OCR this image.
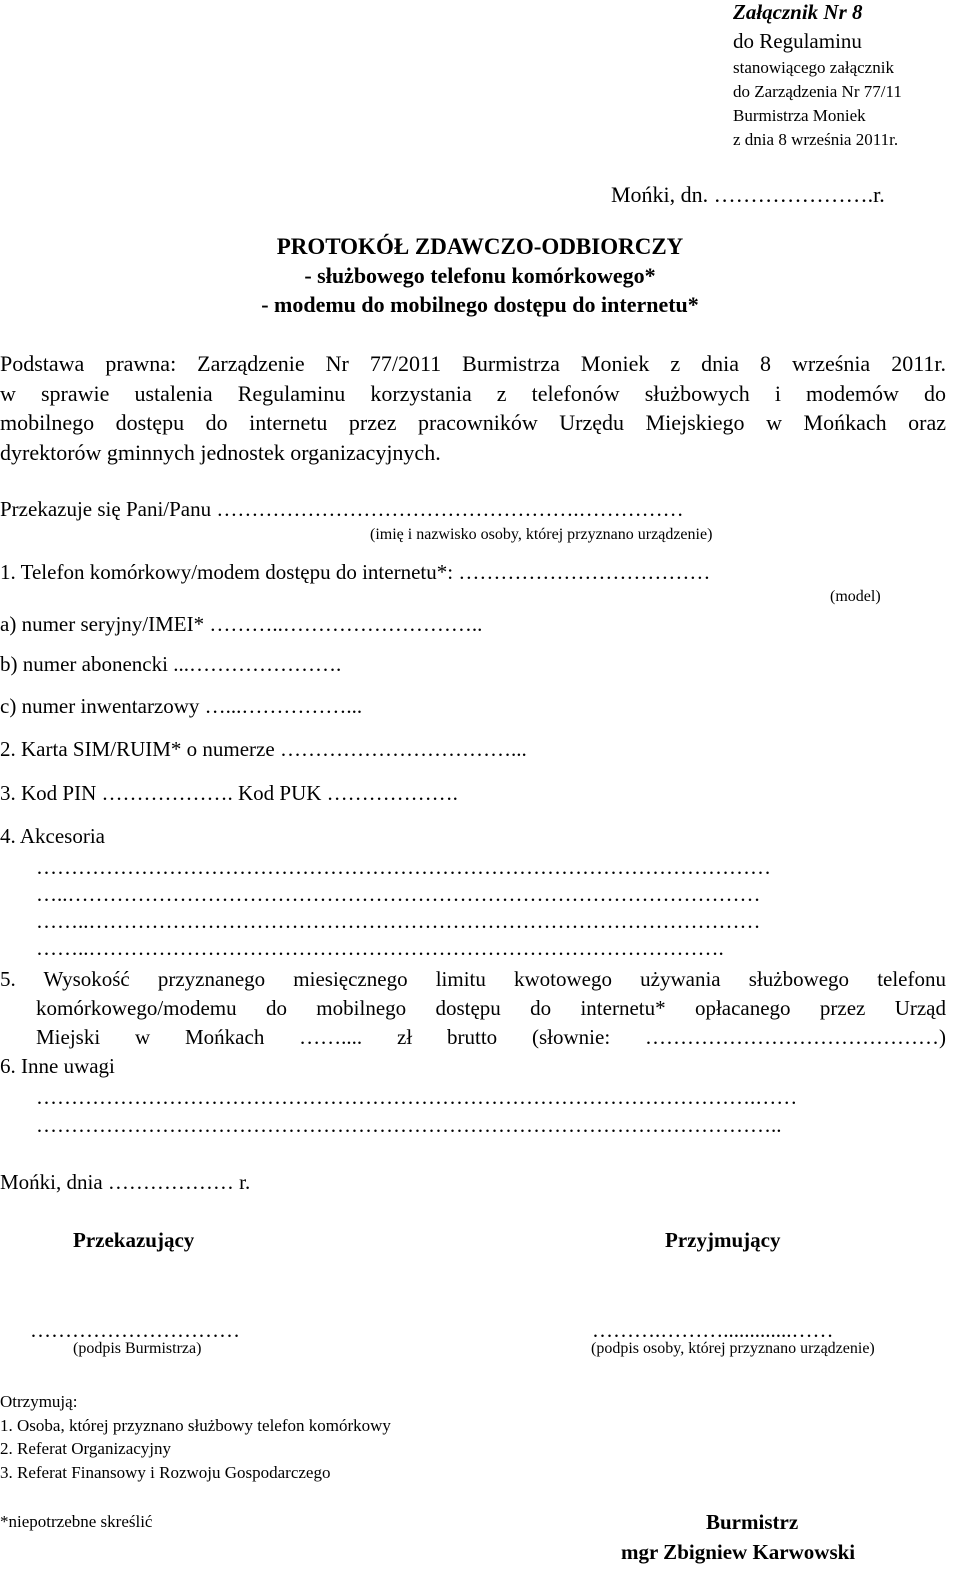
Załącznik Nr 8
do Regulaminu
stanowiącego załącznik
do Zarządzenia Nr 77/11
Burmistrza Moniek
z dnia 8 września 2011r.
Mońki, dn. ………………….r.
PROTOKÓŁ ZDAWCZO-ODBIORCZY
- służbowego telefonu komórkowego*
- modemu do mobilnego dostępu do internetu*
Podstawa prawna: Zarządzenie Nr 77/2011 Burmistrza Moniek z dnia 8 września 2011r.
w sprawie ustalenia Regulaminu korzystania z telefonów służbowych i modemów do
mobilnego dostępu do internetu przez pracowników Urzędu Miejskiego w Mońkach oraz
dyrektorów gminnych jednostek organizacyjnych.
Przekazuje się Pani/Panu …………………………………………….……………
(imię i nazwisko osoby, której przyznano urządzenie)
1. Telefon komórkowy/modem dostępu do internetu*: ………………………………
(model)
a) numer seryjny/IMEI* ………..………………………..
b) numer abonencki ...………………….
c) numer inwentarzowy …...……………...
2. Karta SIM/RUIM* o numerze ……………………………...
3. Kod PIN ………………. Kod PUK ……………….
4. Akcesoria
……………………………………………………………………………………………
…..………………………………………………………………………………………
……..……………………………………………………………………………………
……..……………………………………………………………………………….
5. Wysokość przyznanego miesięcznego limitu kwotowego używania służbowego telefonu
komórkowego/modemu do mobilnego dostępu do internetu* opłacanego przez Urząd
Miejski w Mońkach …….... zł brutto (słownie: ……………………………………)
6. Inne uwagi
………………………………………………………………………………………….……
……………………………………………………………………………………………..
Mońki, dnia ……………… r.
Przekazujący	Przyjmujący
…………………………	……….……….............……
(podpis Burmistrza)	(podpis osoby, której przyznano urządzenie)
Otrzymują:
1. Osoba, której przyznano służbowy telefon komórkowy
2. Referat Organizacyjny
3. Referat Finansowy i Rozwoju Gospodarczego
*niepotrzebne skreślić	Burmistrz
mgr Zbigniew Karwowski
